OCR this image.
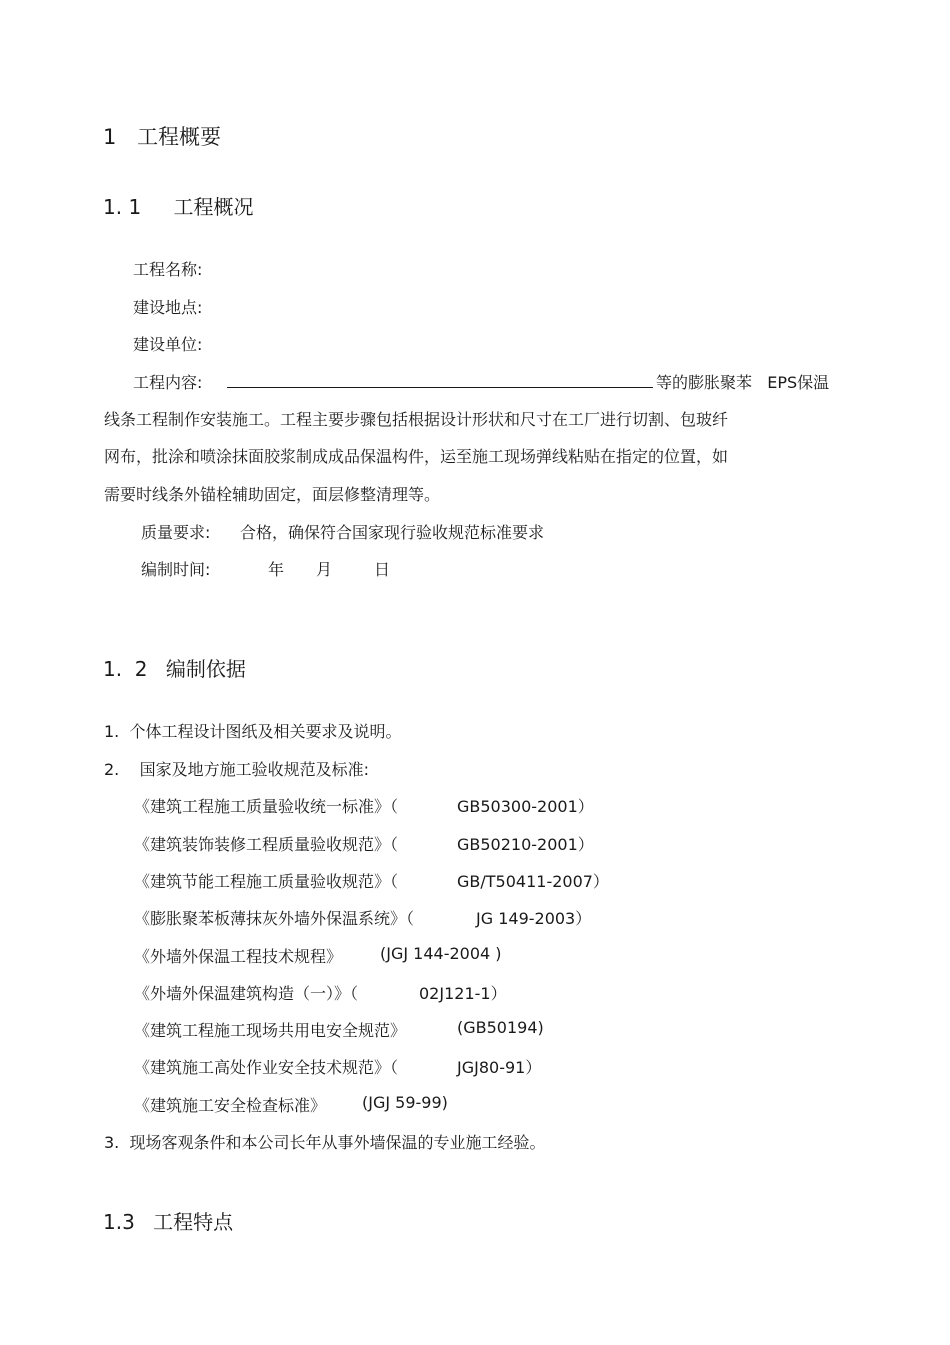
1 工程概要
1. 1 工程概况
工程名称:
建设地点:
建设单位:
工程内容:	等的膨胀聚苯   EPS保温
线条工程制作安装施工。工程主要步骤包括根据设计形状和尺寸在工厂进行切割、包玻纤
网布，批涂和喷涂抹面胶浆制成成品保温构件，运至施工现场弹线粘贴在指定的位置，如
需要时线条外锚栓辅助固定，面层修整清理等。
质量要求: 合格，确保符合国家现行验收规范标准要求
编制时间:	年 月	日
1.  2 编制依据
1.  个体工程设计图纸及相关要求及说明。
2.    国家及地方施工验收规范及标准:
《建筑工程施工质量验收统一标准》（	GB50300-2001）
《建筑装饰装修工程质量验收规范》（	GB50210-2001）
《建筑节能工程施工质量验收规范》（	GB/T50411-2007）
《膨胀聚苯板薄抹灰外墙外保温系统》（	JG 149-2003）
《外墙外保温工程技术规程》 (JGJ 144-2004 )
《外墙外保温建筑构造（一）》（	02J121-1）
《建筑工程施工现场共用电安全规范》	(GB50194)
《建筑施工高处作业安全技术规范》（	JGJ80-91）
《建筑施工安全检查标准》 (JGJ 59-99)
3.  现场客观条件和本公司长年从事外墙保温的专业施工经验。
1.3 工程特点
